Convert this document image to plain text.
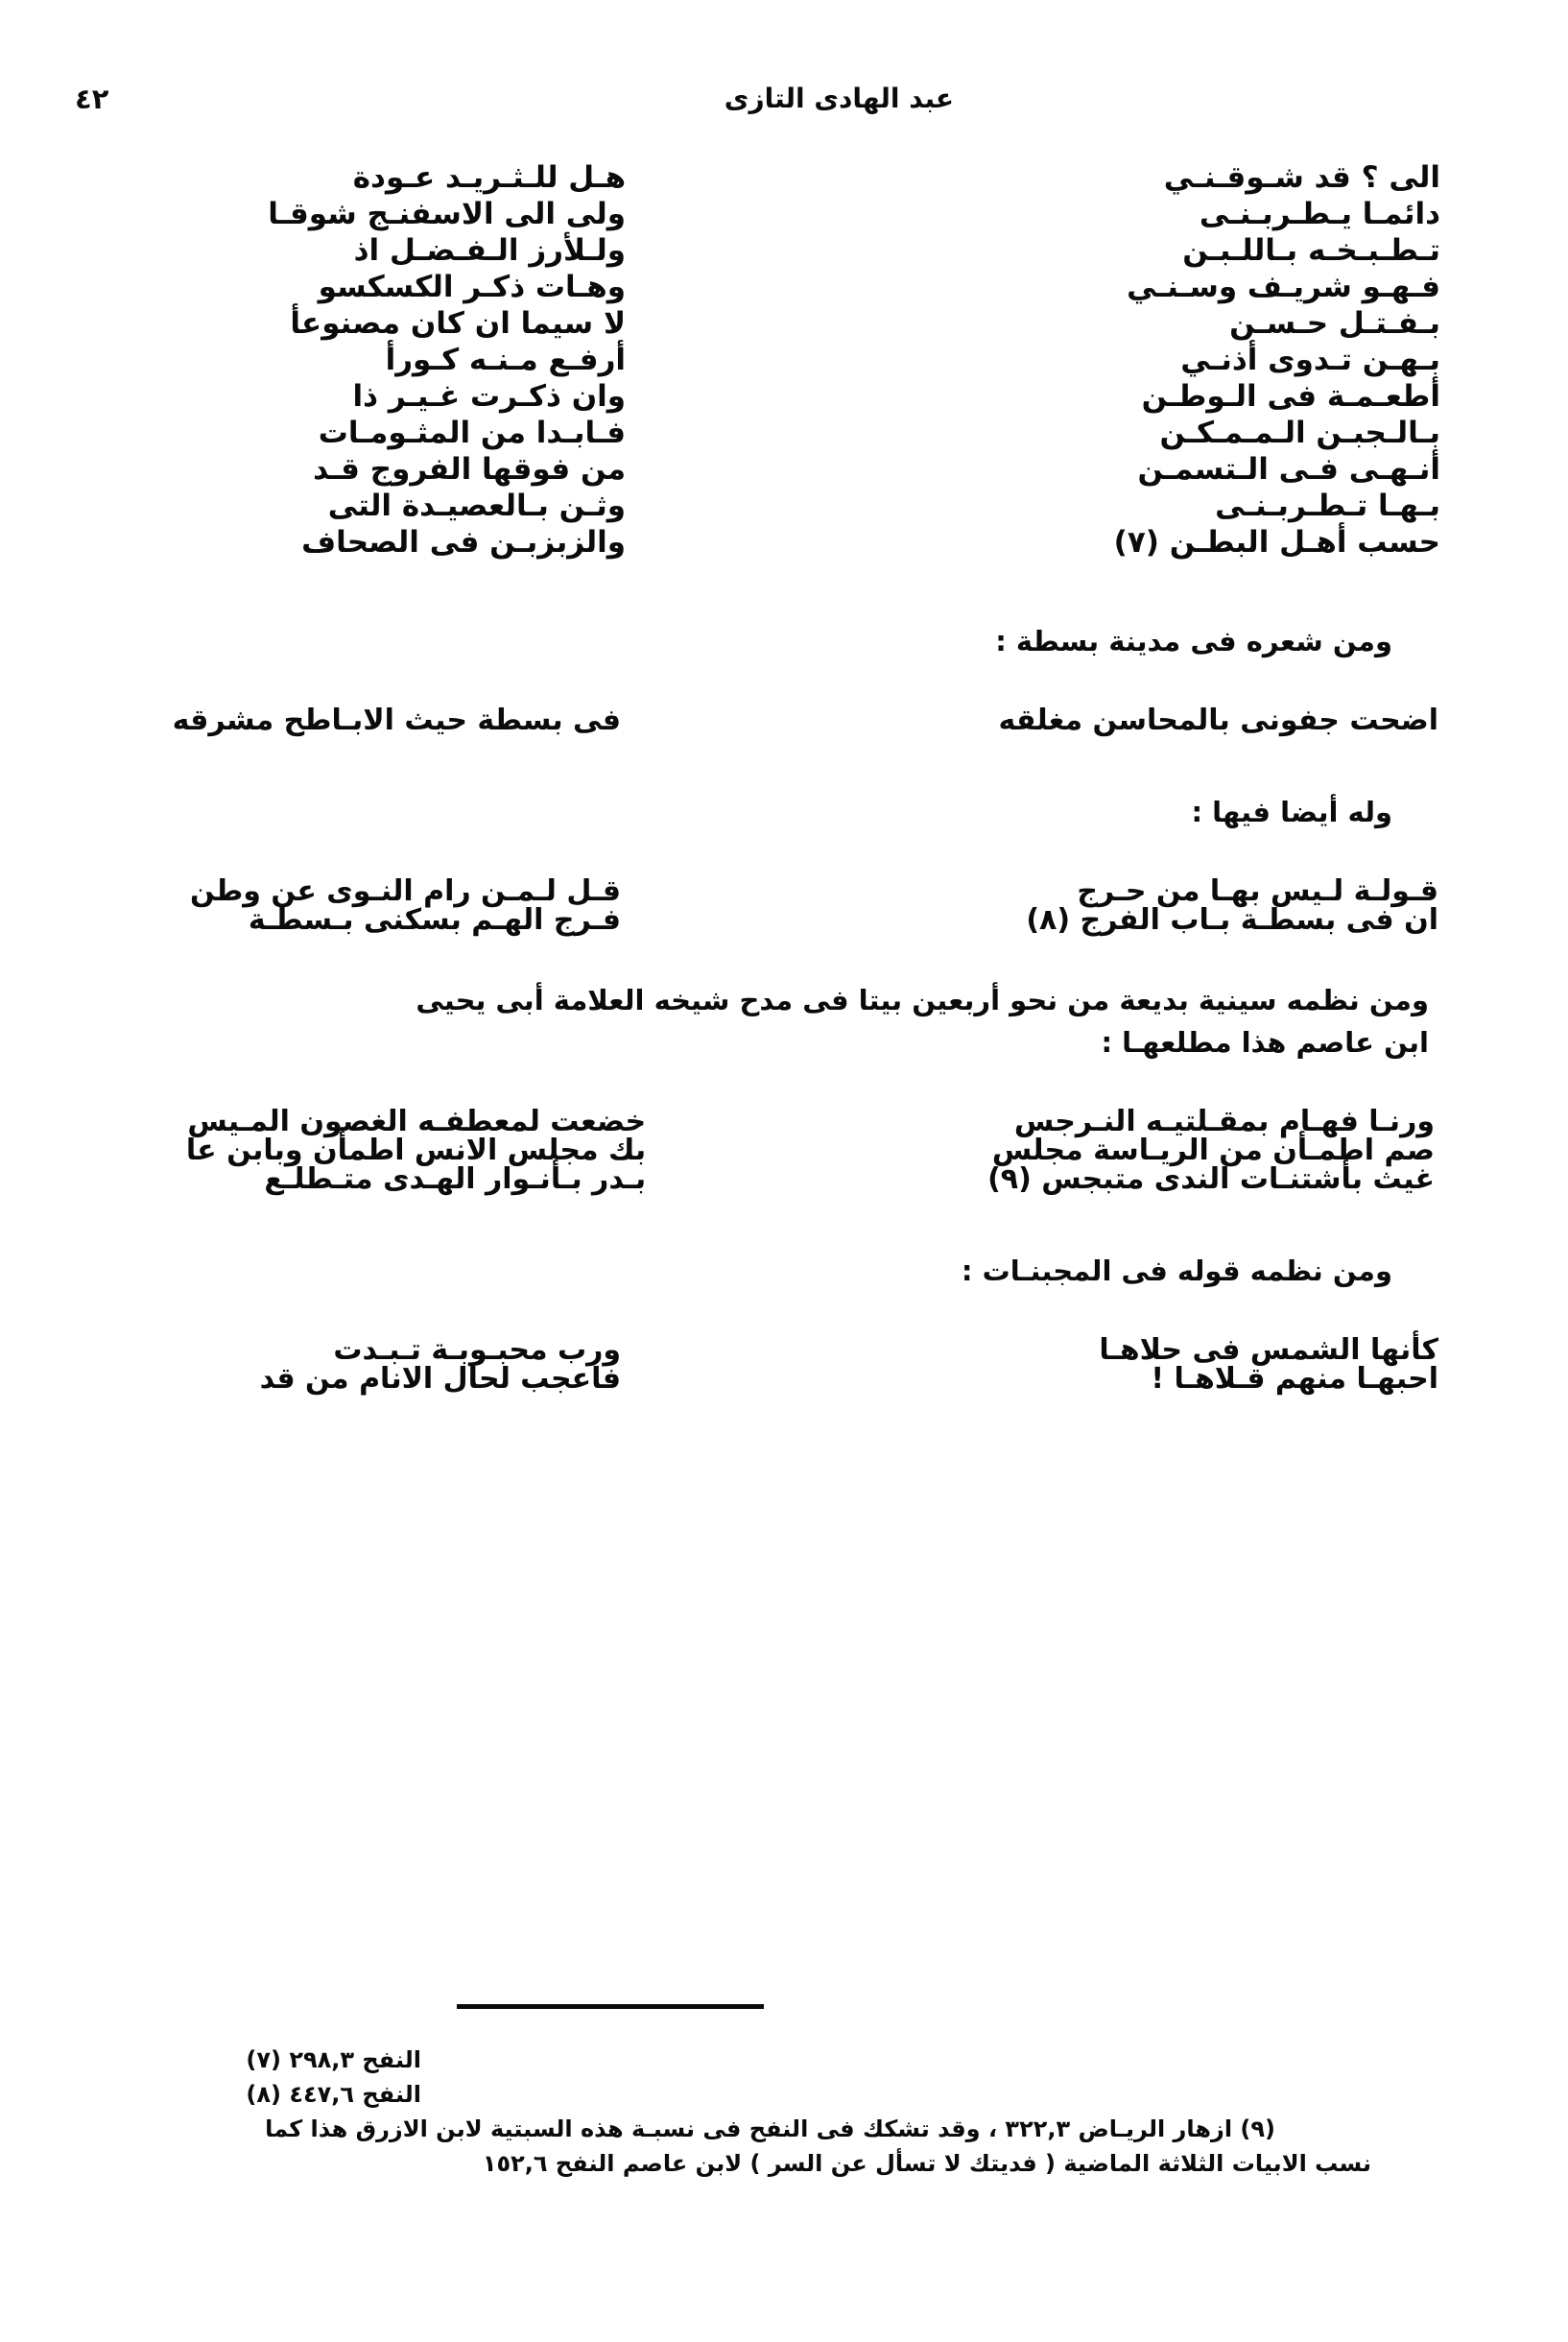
عبد الهادى التازى
٤٢
الى ؟ قد شـوقـنـي
هـل للـثـريـد عـودة
دائمـا يـطـربـنـى
ولى الى الاسفنـج شوقـا
تـطـبـخـه بـاللـبـن
ولـلأرز الـفـضـل اذ
فـهـو شريـف وسـنـي
وهـات ذكـر الكسكسو
بـفـتـل حـسـن
لا سيما ان كان مصنوعأ
بـهـن تـدوى أذنـي
أرفـع مـنـه كـورأ
أطعـمـة فى الـوطـن
وان ذكـرت غـيـر ذا
بـالـجبـن الـمـمـكـن
فـابـدا من المثـومـات
أنـهـى فـى الـتسمـن
من فوقها الفروج قـد
بـهـا تـطـربـنـى
وثـن بـالعصيـدة التى
حسب أهـل البطـن (٧)
والزبزبـن فى الصحاف
ومن شعره فى مدينة بسطة :
اضحت جفونى بالمحاسن مغلقه
فى بسطة حيث الابـاطح مشرقه
وله أيضا فيها :
قـولـة لـيس بهـا من حـرج
قـل لـمـن رام النـوى عن وطن
ان فى بسطـة بـاب الفرج (٨)
فـرج الهـم بسكنى بـسطـة
ومن نظمه سينية بديعة من نحو أربعين بيتا فى مدح شيخه العلامة أبى يحيى
ابن عاصم هذا مطلعهـا :
ورنـا فهـام بمقـلتيـه النـرجس
خضعت لمعطفـه الغصون المـيس
صم اطمـأن من الريـاسة مجلس
بك مجلس الانس اطمأن وبابن عا
غيث بأشتنـات الندى متبجس (٩)
بـدر بـأنـوار الهـدى متـطلـع
ومن نظمه قوله فى المجبنـات :
كأنها الشمس فى حلاهـا
ورب محبـوبـة تـبـدت
احبهـا منهم قـلاهـا !
فاعجب لحال الانام من قد
النفح ٢٩٨,٣ (٧)
النفح ٤٤٧,٦ (٨)
(٩) ازهار الريـاض ٣٢٢,٣ ، وقد تشكك فى النفح فى نسبـة هذه السبتية لابن الازرق هذا كما
نسب الابيات الثلاثة الماضية ( فديتك لا تسأل عن السر ) لابن عاصم النفح ١٥٢,٦
